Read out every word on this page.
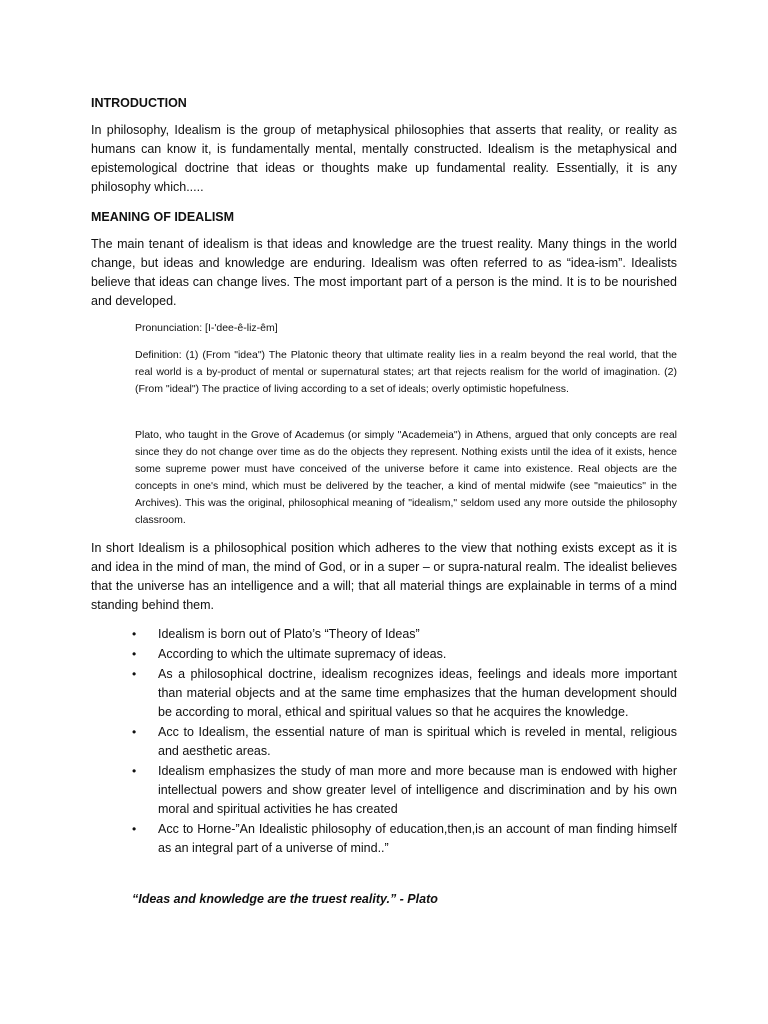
INTRODUCTION

In philosophy, Idealism is the group of metaphysical philosophies that asserts that reality, or reality as humans can know it, is fundamentally mental, mentally constructed. Idealism is the metaphysical and epistemological doctrine that ideas or thoughts make up fundamental reality. Essentially, it is any philosophy which.....

MEANING OF IDEALISM

The main tenant of idealism is that ideas and knowledge are the truest reality. Many things in the world change, but ideas and knowledge are enduring. Idealism was often referred to as “idea-ism”. Idealists believe that ideas can change lives. The most important part of a person is the mind. It is to be nourished and developed.

Pronunciation: [I-'dee-ê-liz-êm]

Definition: (1) (From "idea") The Platonic theory that ultimate reality lies in a realm beyond the real world, that the real world is a by-product of mental or supernatural states; art that rejects realism for the world of imagination. (2) (From "ideal") The practice of living according to a set of ideals; overly optimistic hopefulness.

Plato, who taught in the Grove of Academus (or simply "Academeia") in Athens, argued that only concepts are real since they do not change over time as do the objects they represent. Nothing exists until the idea of it exists, hence some supreme power must have conceived of the universe before it came into existence. Real objects are the concepts in one's mind, which must be delivered by the teacher, a kind of mental midwife (see "maieutics" in the Archives). This was the original, philosophical meaning of "idealism," seldom used any more outside the philosophy classroom.

In short Idealism is a philosophical position which adheres to the view that nothing exists except as it is and idea in the mind of man, the mind of God, or in a super – or supra-natural realm. The idealist believes that the universe has an intelligence and a will; that all material things are explainable in terms of a mind standing behind them.

• Idealism is born out of Plato’s “Theory of Ideas”
• According to which the ultimate supremacy of ideas.
• As a philosophical doctrine, idealism recognizes ideas, feelings and ideals more important than material objects and at the same time emphasizes that the human development should be according to moral, ethical and spiritual values so that he acquires the knowledge.
• Acc to Idealism, the essential nature of man is spiritual which is reveled in mental, religious and aesthetic areas.
• Idealism emphasizes the study of man more and more because man is endowed with higher intellectual powers and show greater level of intelligence and discrimination and by his own moral and spiritual activities he has created
• Acc to Horne-”An Idealistic philosophy of education,then,is an account of man finding himself as an integral part of a universe of mind..”
“Ideas and knowledge are the truest reality.” - Plato
